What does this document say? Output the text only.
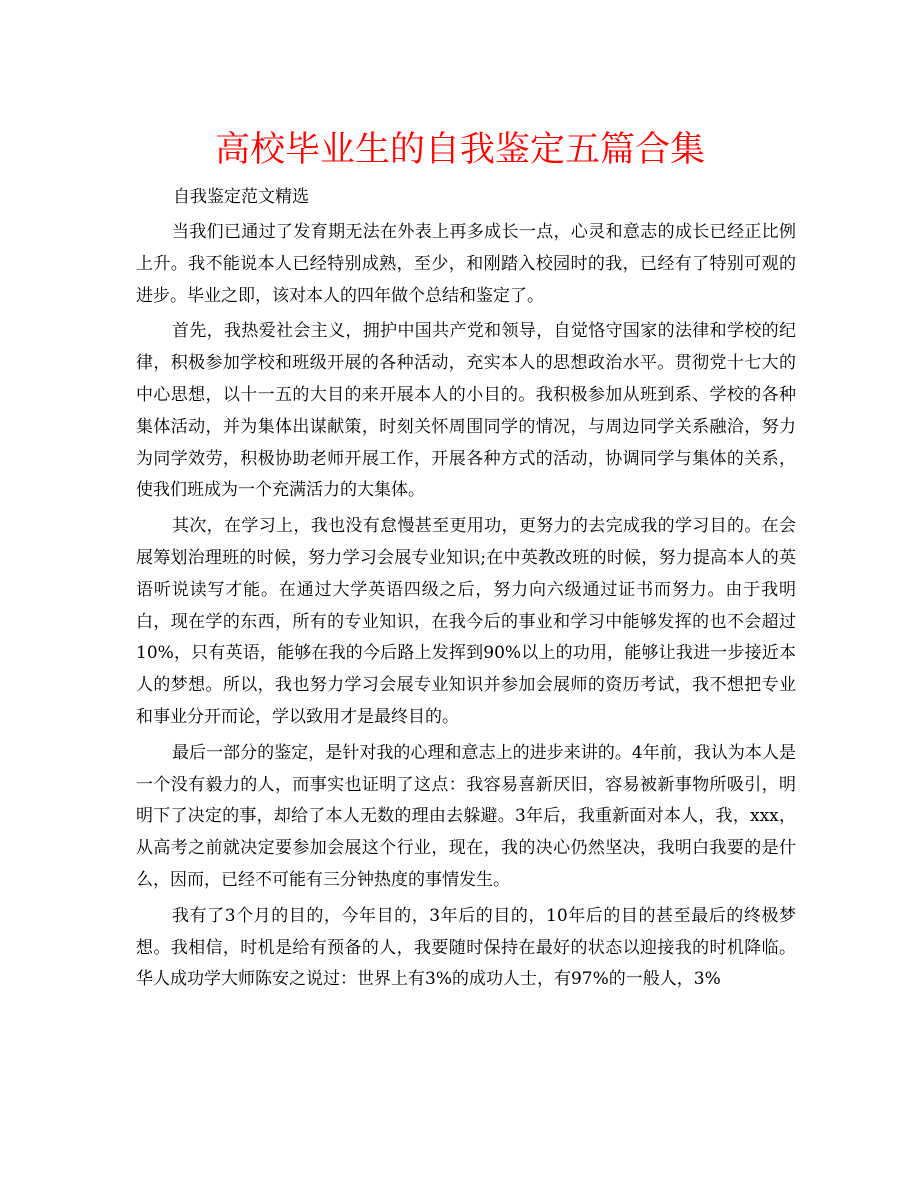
高校毕业生的自我鉴定五篇合集

自我鉴定范文精选

当我们已通过了发育期无法在外表上再多成长一点，心灵和意志的成长已经正比例上升。我不能说本人已经特别成熟，至少，和刚踏入校园时的我，已经有了特别可观的进步。毕业之即，该对本人的四年做个总结和鉴定了。

首先，我热爱社会主义，拥护中国共产党和领导，自觉恪守国家的法律和学校的纪律，积极参加学校和班级开展的各种活动，充实本人的思想政治水平。贯彻党十七大的中心思想，以十一五的大目的来开展本人的小目的。我积极参加从班到系、学校的各种集体活动，并为集体出谋献策，时刻关怀周围同学的情况，与周边同学关系融洽，努力为同学效劳，积极协助老师开展工作，开展各种方式的活动，协调同学与集体的关系，使我们班成为一个充满活力的大集体。

其次，在学习上，我也没有怠慢甚至更用功，更努力的去完成我的学习目的。在会展筹划治理班的时候，努力学习会展专业知识;在中英教改班的时候，努力提高本人的英语听说读写才能。在通过大学英语四级之后，努力向六级通过证书而努力。由于我明白，现在学的东西，所有的专业知识，在我今后的事业和学习中能够发挥的也不会超过10%，只有英语，能够在我的今后路上发挥到90%以上的功用，能够让我进一步接近本人的梦想。所以，我也努力学习会展专业知识并参加会展师的资历考试，我不想把专业和事业分开而论，学以致用才是最终目的。

最后一部分的鉴定，是针对我的心理和意志上的进步来讲的。4年前，我认为本人是一个没有毅力的人，而事实也证明了这点：我容易喜新厌旧，容易被新事物所吸引，明明下了决定的事，却给了本人无数的理由去躲避。3年后，我重新面对本人，我，xxx，从高考之前就决定要参加会展这个行业，现在，我的决心仍然坚决，我明白我要的是什么，因而，已经不可能有三分钟热度的事情发生。

我有了3个月的目的，今年目的，3年后的目的，10年后的目的甚至最后的终极梦想。我相信，时机是给有预备的人，我要随时保持在最好的状态以迎接我的时机降临。华人成功学大师陈安之说过：世界上有3%的成功人士，有97%的一般人，3%
